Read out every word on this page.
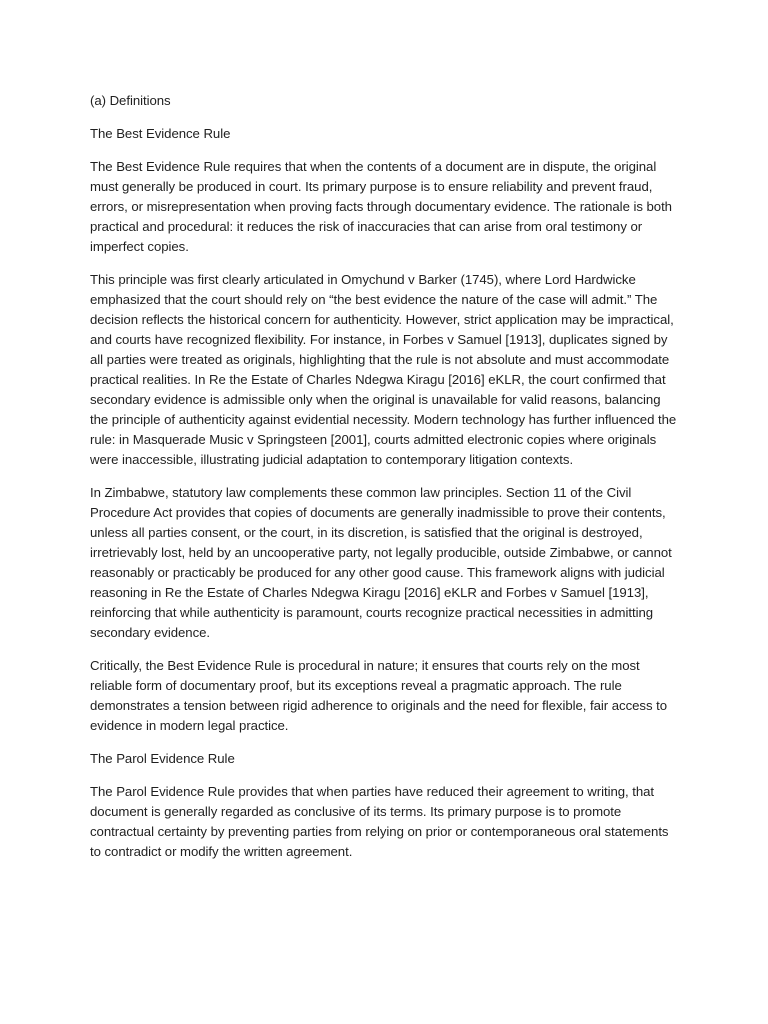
(a) Definitions

The Best Evidence Rule

The Best Evidence Rule requires that when the contents of a document are in dispute, the original must generally be produced in court. Its primary purpose is to ensure reliability and prevent fraud, errors, or misrepresentation when proving facts through documentary evidence. The rationale is both practical and procedural: it reduces the risk of inaccuracies that can arise from oral testimony or imperfect copies.

This principle was first clearly articulated in Omychund v Barker (1745), where Lord Hardwicke emphasized that the court should rely on “the best evidence the nature of the case will admit.” The decision reflects the historical concern for authenticity. However, strict application may be impractical, and courts have recognized flexibility. For instance, in Forbes v Samuel [1913], duplicates signed by all parties were treated as originals, highlighting that the rule is not absolute and must accommodate practical realities. In Re the Estate of Charles Ndegwa Kiragu [2016] eKLR, the court confirmed that secondary evidence is admissible only when the original is unavailable for valid reasons, balancing the principle of authenticity against evidential necessity. Modern technology has further influenced the rule: in Masquerade Music v Springsteen [2001], courts admitted electronic copies where originals were inaccessible, illustrating judicial adaptation to contemporary litigation contexts.

In Zimbabwe, statutory law complements these common law principles. Section 11 of the Civil Procedure Act provides that copies of documents are generally inadmissible to prove their contents, unless all parties consent, or the court, in its discretion, is satisfied that the original is destroyed, irretrievably lost, held by an uncooperative party, not legally producible, outside Zimbabwe, or cannot reasonably or practicably be produced for any other good cause. This framework aligns with judicial reasoning in Re the Estate of Charles Ndegwa Kiragu [2016] eKLR and Forbes v Samuel [1913], reinforcing that while authenticity is paramount, courts recognize practical necessities in admitting secondary evidence.

Critically, the Best Evidence Rule is procedural in nature; it ensures that courts rely on the most reliable form of documentary proof, but its exceptions reveal a pragmatic approach. The rule demonstrates a tension between rigid adherence to originals and the need for flexible, fair access to evidence in modern legal practice.

The Parol Evidence Rule

The Parol Evidence Rule provides that when parties have reduced their agreement to writing, that document is generally regarded as conclusive of its terms. Its primary purpose is to promote contractual certainty by preventing parties from relying on prior or contemporaneous oral statements to contradict or modify the written agreement.
